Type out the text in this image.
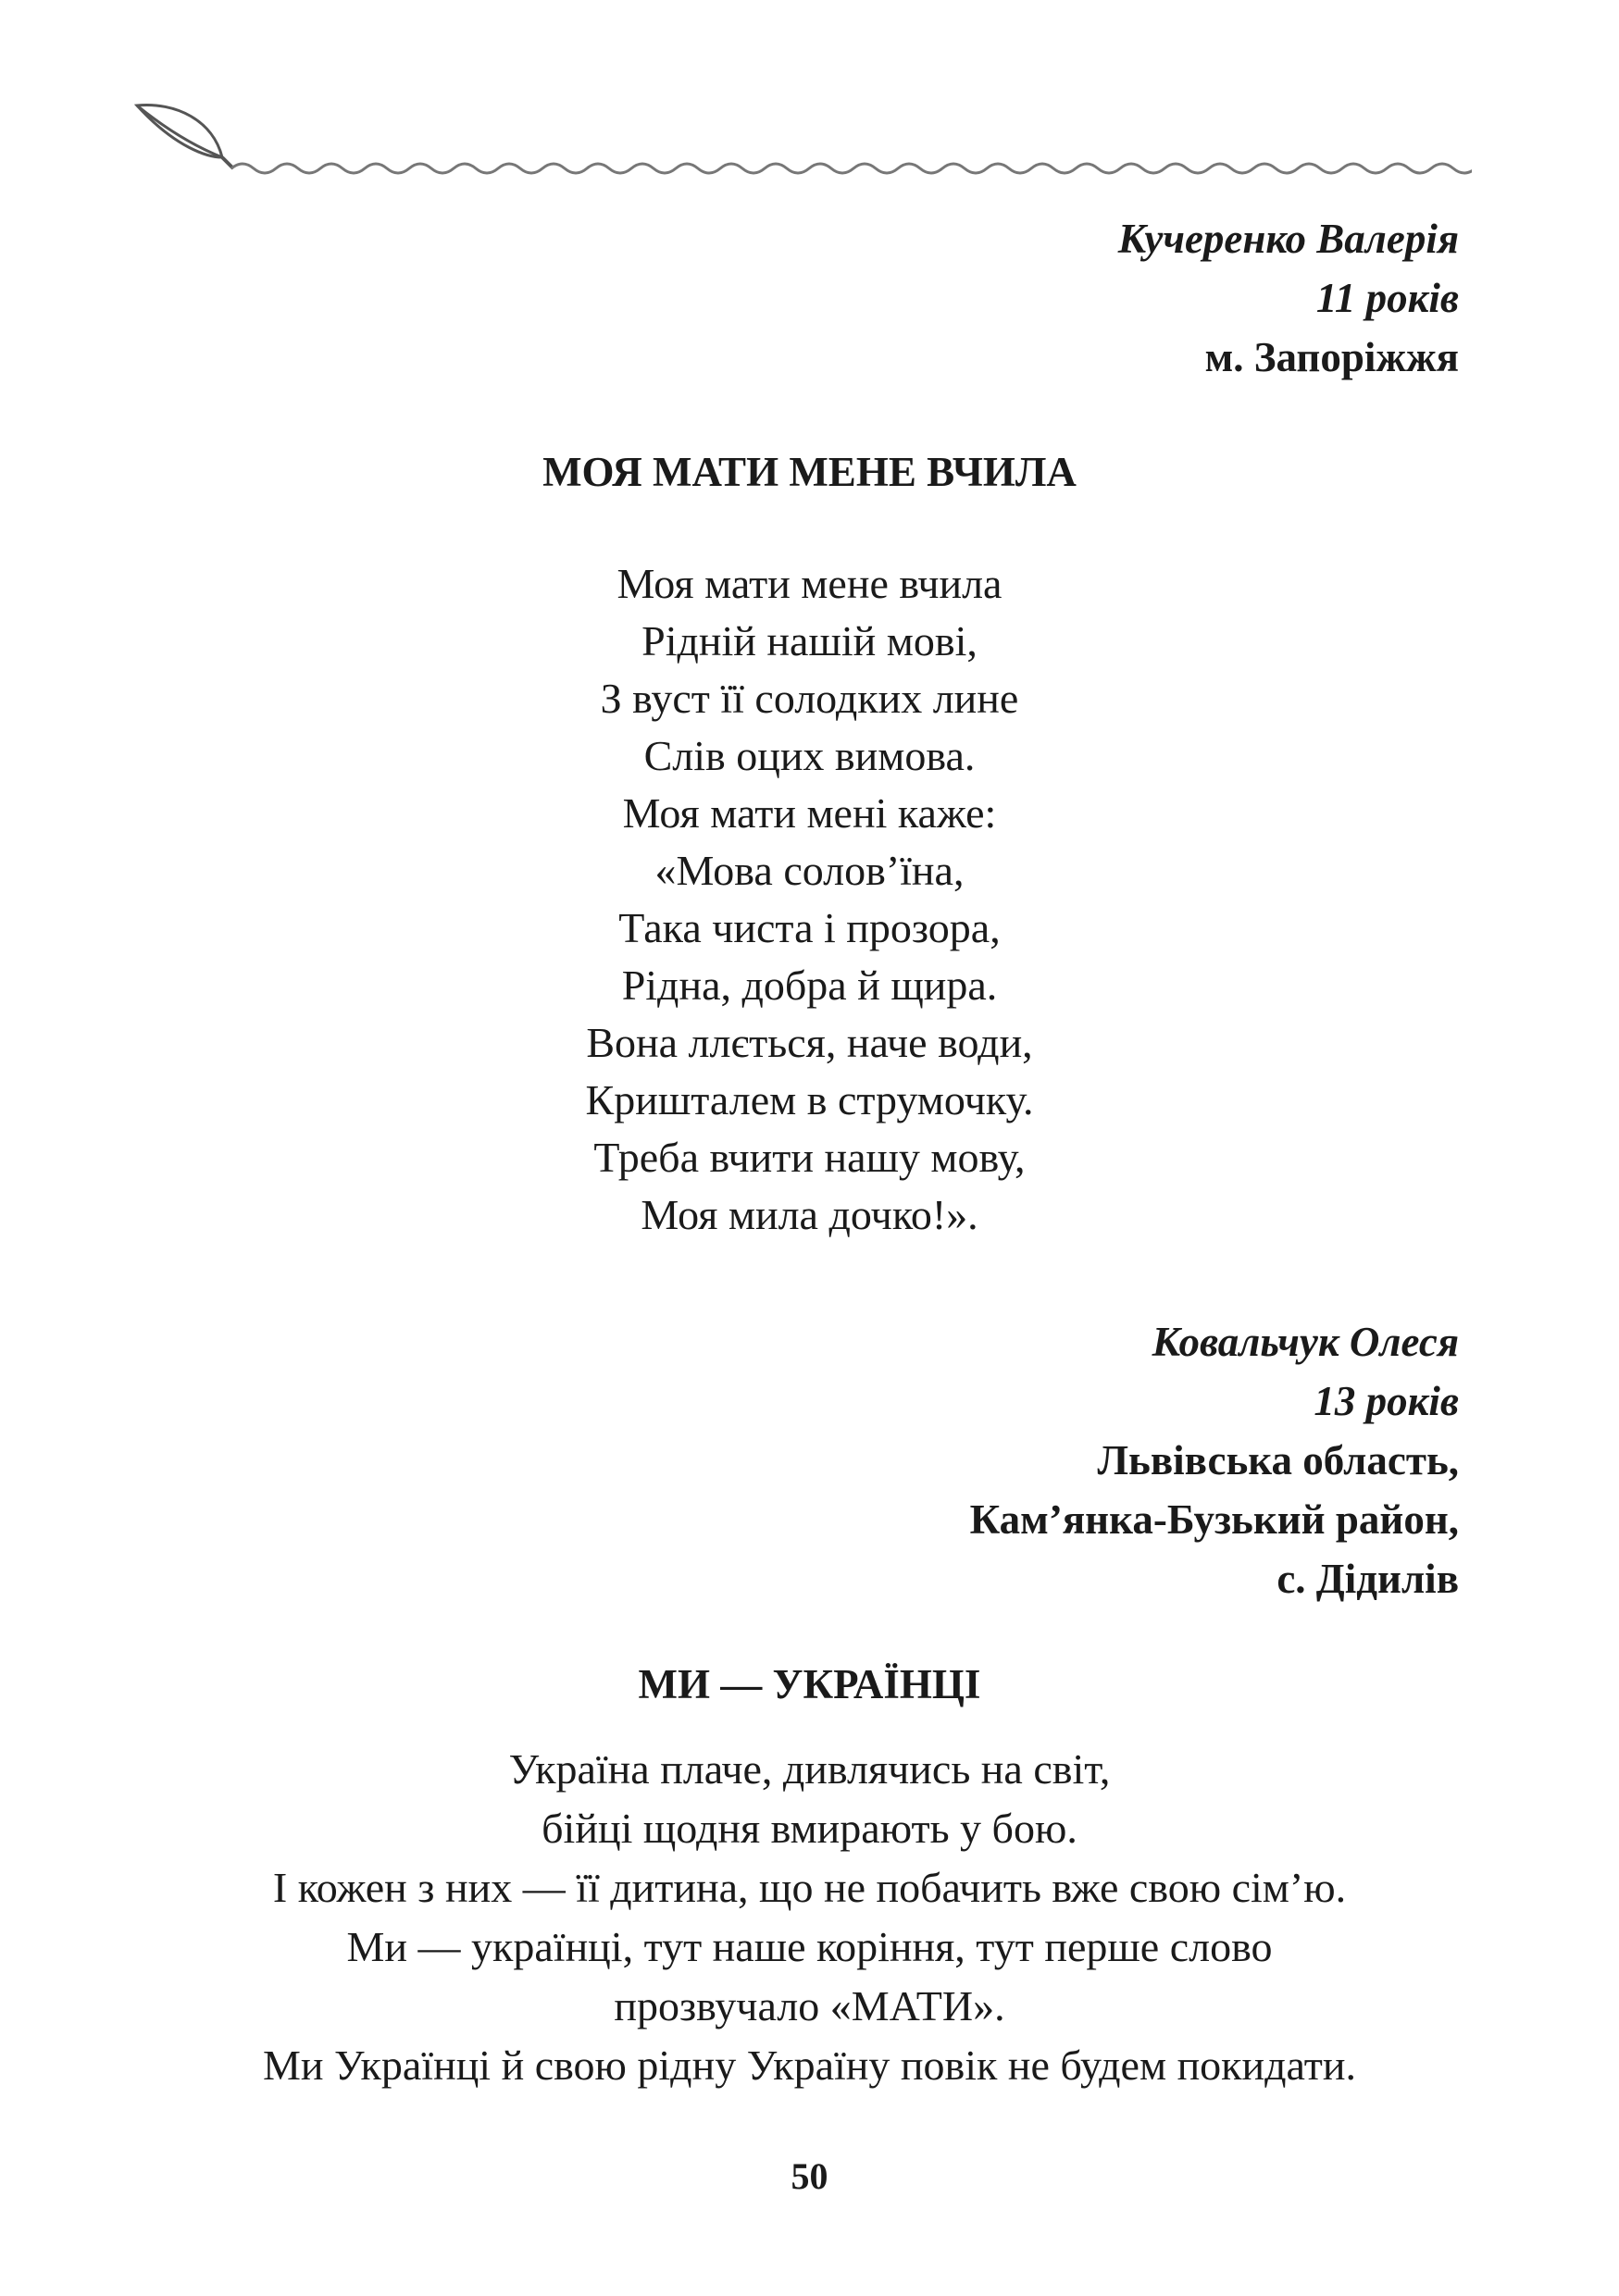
Кучеренко Валерія
11 років
м. Запоріжжя
МОЯ МАТИ МЕНЕ ВЧИЛА
Моя мати мене вчила
Рідній нашій мові,
З вуст її солодких лине
Слів оцих вимова.
Моя мати мені каже:
«Мова солов’їна,
Така чиста і прозора,
Рідна, добра й щира.
Вона ллється, наче води,
Кришталем в струмочку.
Треба вчити нашу мову,
Моя мила дочко!».
Ковальчук Олеся
13 років
Львівська область,
Кам’янка-Бузький район,
с. Дідилів
МИ — УКРАЇНЦІ
Україна плаче, дивлячись на світ,
бійці щодня вмирають у бою.
І кожен з них — її дитина, що не побачить вже свою сім’ю.
Ми — українці, тут наше коріння, тут перше слово
прозвучало «МАТИ».
Ми Українці й свою рідну Україну повік не будем покидати.
50
